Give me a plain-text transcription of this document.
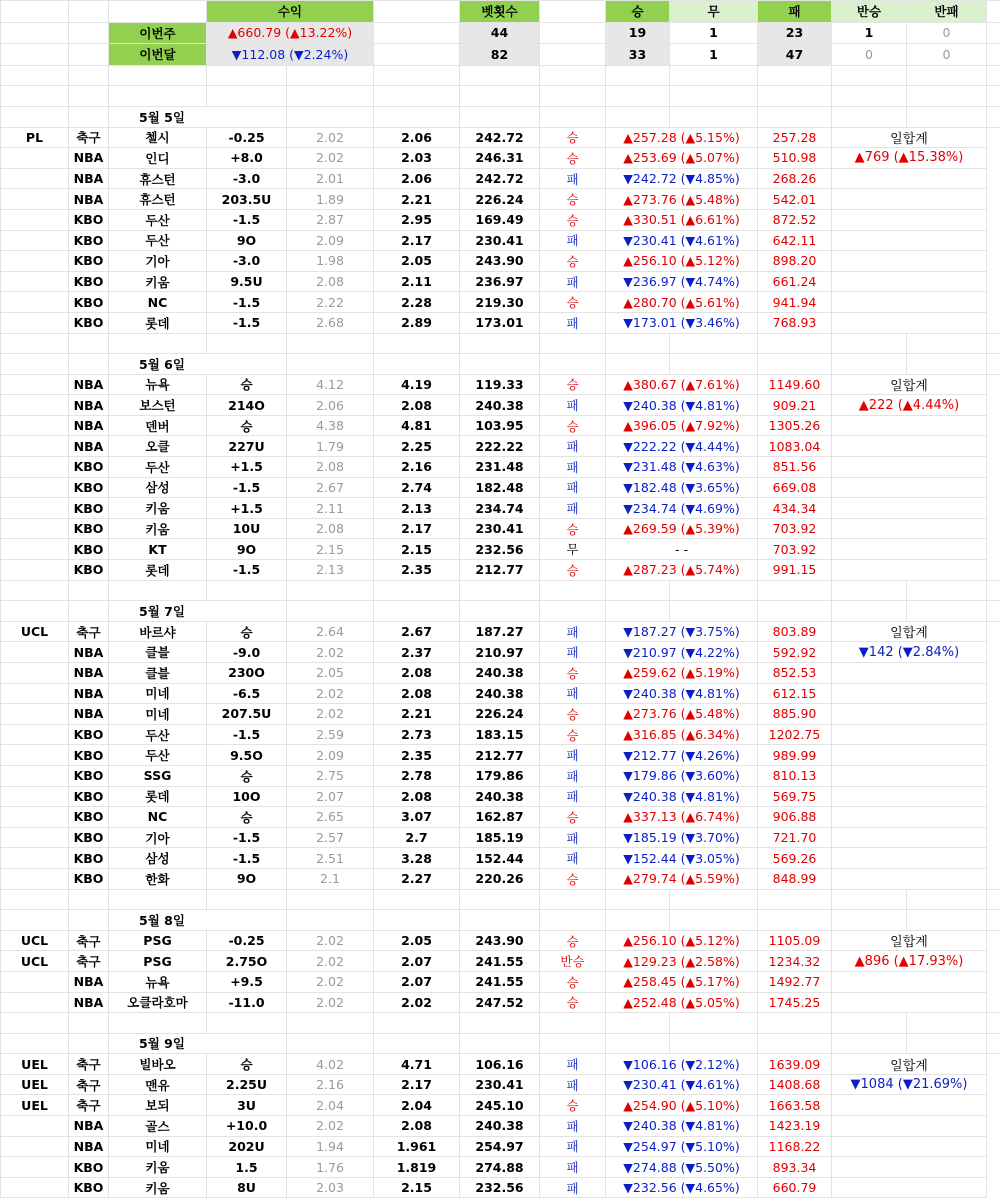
			수익			벳횟수		승	무	패	반승	반패	
		이번주	▲660.79 (▲13.22%)			44		19	1	23	1	0	
		이번달	▼112.08 (▼2.24%)			82		33	1	47	0	0	

		5월 5일											
PL	축구	첼시	-0.25	2.02	2.06	242.72	승	▲257.28 (▲5.15%)		257.28	일합계		
	NBA	인디	+8.0	2.02	2.03	246.31	승	▲253.69 (▲5.07%)		510.98	▲769 (▲15.38%)		
	NBA	휴스턴	-3.0	2.01	2.06	242.72	패	▼242.72 (▼4.85%)		268.26			
	NBA	휴스턴	203.5U	1.89	2.21	226.24	승	▲273.76 (▲5.48%)		542.01			
	KBO	두산	-1.5	2.87	2.95	169.49	승	▲330.51 (▲6.61%)		872.52			
	KBO	두산	9O	2.09	2.17	230.41	패	▼230.41 (▼4.61%)		642.11			
	KBO	기아	-3.0	1.98	2.05	243.90	승	▲256.10 (▲5.12%)		898.20			
	KBO	키움	9.5U	2.08	2.11	236.97	패	▼236.97 (▼4.74%)		661.24			
	KBO	NC	-1.5	2.22	2.28	219.30	승	▲280.70 (▲5.61%)		941.94			
	KBO	롯데	-1.5	2.68	2.89	173.01	패	▼173.01 (▼3.46%)		768.93			

		5월 6일											
	NBA	뉴욕	승	4.12	4.19	119.33	승	▲380.67 (▲7.61%)		1149.60	일합계		
	NBA	보스턴	214O	2.06	2.08	240.38	패	▼240.38 (▼4.81%)		909.21	▲222 (▲4.44%)		
	NBA	덴버	승	4.38	4.81	103.95	승	▲396.05 (▲7.92%)		1305.26			
	NBA	오클	227U	1.79	2.25	222.22	패	▼222.22 (▼4.44%)		1083.04			
	KBO	두산	+1.5	2.08	2.16	231.48	패	▼231.48 (▼4.63%)		851.56			
	KBO	삼성	-1.5	2.67	2.74	182.48	패	▼182.48 (▼3.65%)		669.08			
	KBO	키움	+1.5	2.11	2.13	234.74	패	▼234.74 (▼4.69%)		434.34			
	KBO	키움	10U	2.08	2.17	230.41	승	▲269.59 (▲5.39%)		703.92			
	KBO	KT	9O	2.15	2.15	232.56	무	- -		703.92			
	KBO	롯데	-1.5	2.13	2.35	212.77	승	▲287.23 (▲5.74%)		991.15			

		5월 7일											
UCL	축구	바르샤	승	2.64	2.67	187.27	패	▼187.27 (▼3.75%)		803.89	일합계		
	NBA	클블	-9.0	2.02	2.37	210.97	패	▼210.97 (▼4.22%)		592.92	▼142 (▼2.84%)		
	NBA	클블	230O	2.05	2.08	240.38	승	▲259.62 (▲5.19%)		852.53			
	NBA	미네	-6.5	2.02	2.08	240.38	패	▼240.38 (▼4.81%)		612.15			
	NBA	미네	207.5U	2.02	2.21	226.24	승	▲273.76 (▲5.48%)		885.90			
	KBO	두산	-1.5	2.59	2.73	183.15	승	▲316.85 (▲6.34%)		1202.75			
	KBO	두산	9.5O	2.09	2.35	212.77	패	▼212.77 (▼4.26%)		989.99			
	KBO	SSG	승	2.75	2.78	179.86	패	▼179.86 (▼3.60%)		810.13			
	KBO	롯데	10O	2.07	2.08	240.38	패	▼240.38 (▼4.81%)		569.75			
	KBO	NC	승	2.65	3.07	162.87	승	▲337.13 (▲6.74%)		906.88			
	KBO	기아	-1.5	2.57	2.7	185.19	패	▼185.19 (▼3.70%)		721.70			
	KBO	삼성	-1.5	2.51	3.28	152.44	패	▼152.44 (▼3.05%)		569.26			
	KBO	한화	9O	2.1	2.27	220.26	승	▲279.74 (▲5.59%)		848.99			

		5월 8일											
UCL	축구	PSG	-0.25	2.02	2.05	243.90	승	▲256.10 (▲5.12%)		1105.09	일합계		
UCL	축구	PSG	2.75O	2.02	2.07	241.55	반승	▲129.23 (▲2.58%)		1234.32	▲896 (▲17.93%)		
	NBA	뉴욕	+9.5	2.02	2.07	241.55	승	▲258.45 (▲5.17%)		1492.77			
	NBA	오클라호마	-11.0	2.02	2.02	247.52	승	▲252.48 (▲5.05%)		1745.25			

		5월 9일											
UEL	축구	빌바오	승	4.02	4.71	106.16	패	▼106.16 (▼2.12%)		1639.09	일합계		
UEL	축구	맨유	2.25U	2.16	2.17	230.41	패	▼230.41 (▼4.61%)		1408.68	▼1084 (▼21.69%)		
UEL	축구	보되	3U	2.04	2.04	245.10	승	▲254.90 (▲5.10%)		1663.58			
	NBA	골스	+10.0	2.02	2.08	240.38	패	▼240.38 (▼4.81%)		1423.19			
	NBA	미네	202U	1.94	1.961	254.97	패	▼254.97 (▼5.10%)		1168.22			
	KBO	키움	1.5	1.76	1.819	274.88	패	▼274.88 (▼5.50%)		893.34			
	KBO	키움	8U	2.03	2.15	232.56	패	▼232.56 (▼4.65%)		660.79			
